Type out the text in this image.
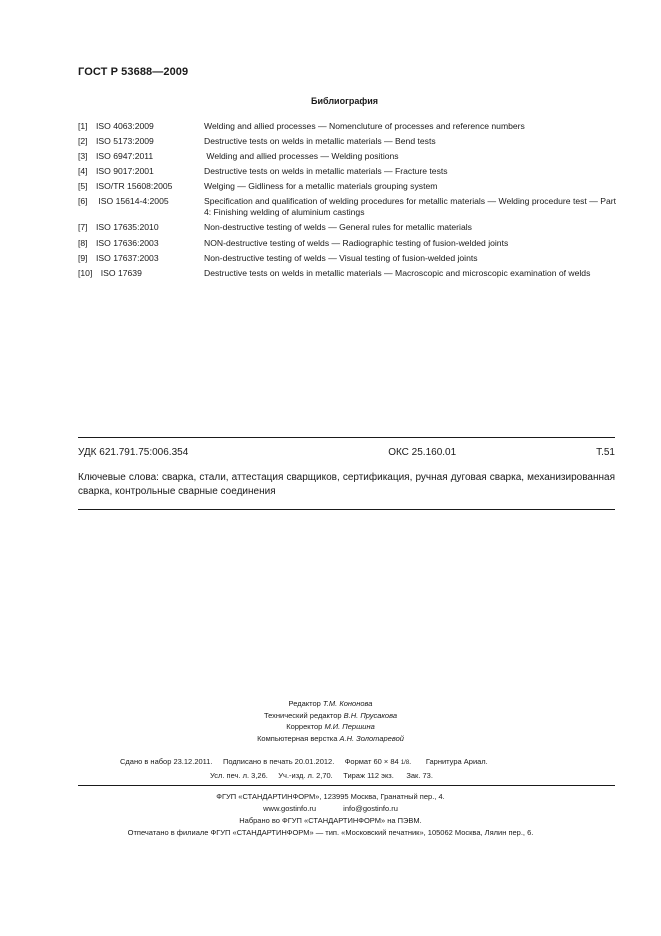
ГОСТ Р 53688—2009
Библиография
[1] ISO 4063:2009	Welding and allied processes — Nomencluture of processes and reference numbers
[2] ISO 5173:2009	Destructive tests on welds in metallic materials — Bend tests
[3] ISO 6947:2011	Welding and allied processes — Welding positions
[4] ISO 9017:2001	Destructive tests on welds in metallic materials — Fracture tests
[5] ISO/TR 15608:2005	Welging — Gidliness for a metallic materials grouping system
[6] ISO 15614-4:2005	Specification and qualification of welding procedures for metallic materials — Welding procedure test — Part 4: Finishing welding of aluminium castings
[7] ISO 17635:2010	Non-destructive testing of welds — General rules for metallic materials
[8] ISO 17636:2003	NON-destructive testing of welds — Radiographic testing of fusion-welded joints
[9] ISO 17637:2003	Non-destructive testing of welds — Visual testing of fusion-welded joints
[10] ISO 17639	Destructive tests on welds in metallic materials — Macroscopic and microscopic examination of welds
УДК 621.791.75:006.354	ОКС 25.160.01	Т.51
Ключевые слова: сварка, стали, аттестация сварщиков, сертификация, ручная дуговая сварка, механизированная сварка, контрольные сварные соединения
Редактор Т.М. Кононова
Технический редактор В.Н. Прусакова
Корректор М.И. Першина
Компьютерная верстка А.Н. Золотаревой
Сдано в набор 23.12.2011. Подписано в печать 20.01.2012. Формат 60 × 84 1/8.       Гарнитура Ариал.
Усл. печ. л. 3,26. Уч.-изд. л. 2,70. Тираж 112 экз. Зак. 73.
ФГУП «СТАНДАРТИНФОРМ», 123995 Москва, Гранатный пер., 4.
www.gostinfo.ru	info@gostinfo.ru
Набрано во ФГУП «СТАНДАРТИНФОРМ» на ПЭВМ.
Отпечатано в филиале ФГУП «СТАНДАРТИНФОРМ» — тип. «Московский печатник», 105062 Москва, Лялин пер., 6.
